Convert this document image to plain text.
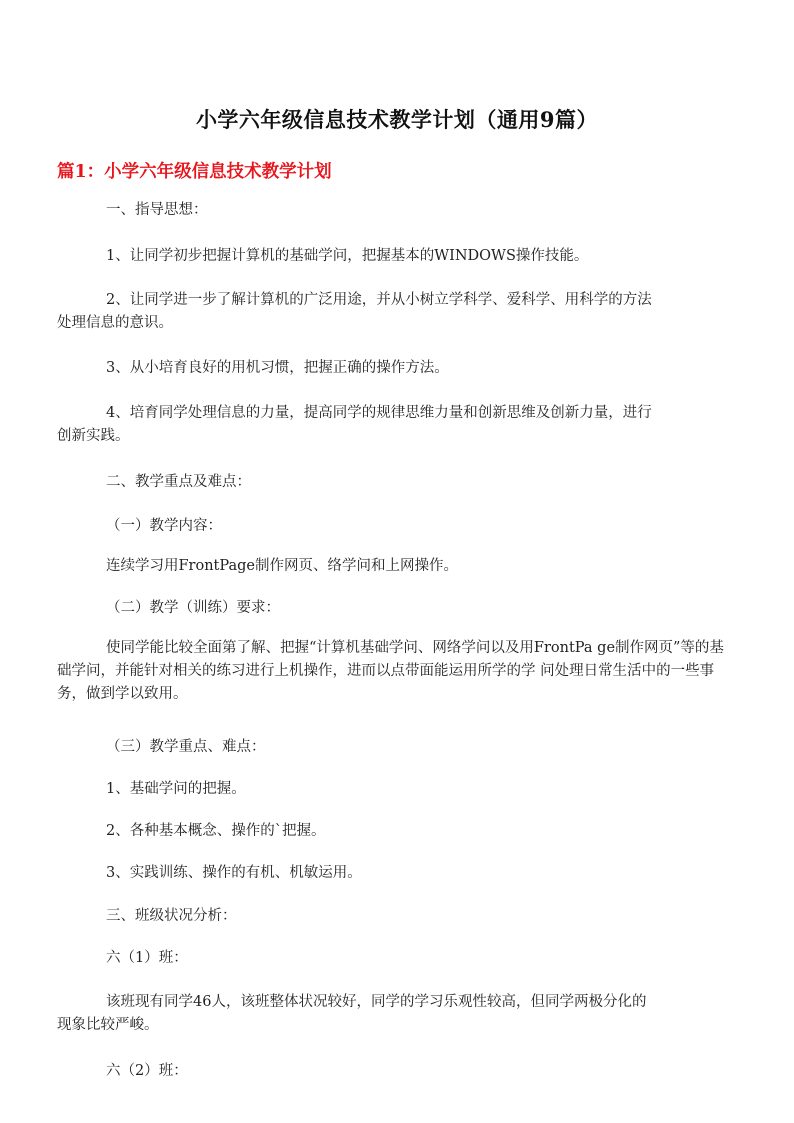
小学六年级信息技术教学计划（通用9篇）
篇1：小学六年级信息技术教学计划

一、指导思想：

1、让同学初步把握计算机的基础学问，把握基本的WINDOWS操作技能。

2、让同学进一步了解计算机的广泛用途，并从小树立学科学、爱科学、用科学的方法处理信息的意识。

3、从小培育良好的用机习惯，把握正确的操作方法。

4、培育同学处理信息的力量，提高同学的规律思维力量和创新思维及创新力量，进行创新实践。

二、教学重点及难点：

（一）教学内容：

连续学习用FrontPage制作网页、络学问和上网操作。

（二）教学（训练）要求：

使同学能比较全面第了解、把握“计算机基础学问、网络学问以及用FrontPa ge制作网页”等的基础学问，并能针对相关的练习进行上机操作，进而以点带面能运用所学的学 问处理日常生活中的一些事务，做到学以致用。

（三）教学重点、难点：

1、基础学问的把握。

2、各种基本概念、操作的`把握。

3、实践训练、操作的有机、机敏运用。

三、班级状况分析：

六（1）班：

该班现有同学46人，该班整体状况较好，同学的学习乐观性较高，但同学两极分化的现象比较严峻。

六（2）班：
